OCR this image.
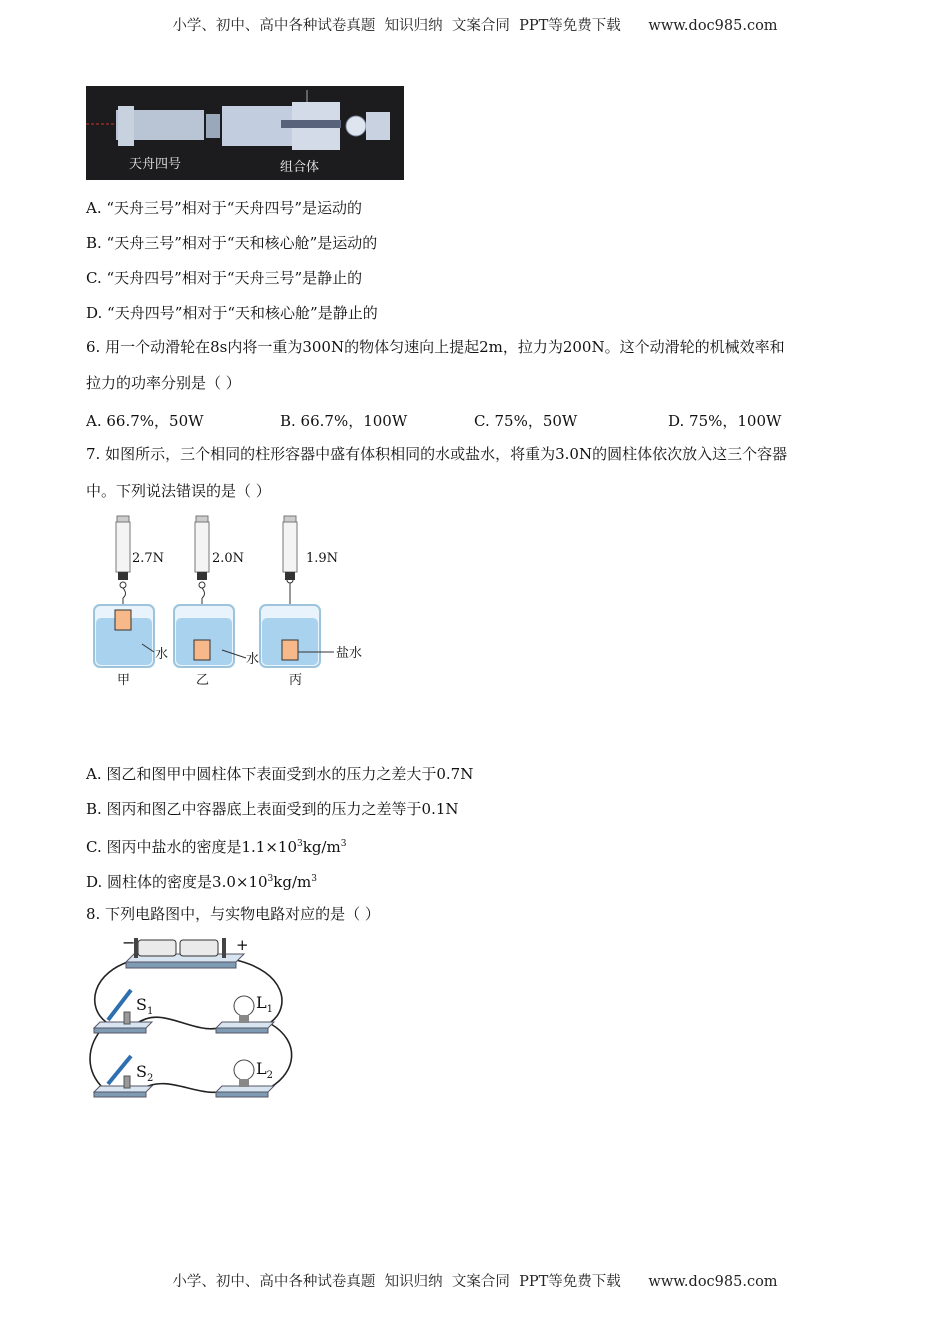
小学、初中、高中各种试卷真题  知识归纳  文案合同  PPT等免费下载      www.doc985.com
天舟四号	组合体
A. “天舟三号”相对于“天舟四号”是运动的
B. “天舟三号”相对于“天和核心舱”是运动的
C. “天舟四号”相对于“天舟三号”是静止的
D. “天舟四号”相对于“天和核心舱”是静止的
6. 用一个动滑轮在8s内将一重为300N的物体匀速向上提起2m，拉力为200N。这个动滑轮的机械效率和
拉力的功率分别是（ ）
A. 66.7%，50W	B. 66.7%，100W	C. 75%，50W	D. 75%，100W
7. 如图所示，三个相同的柱形容器中盛有体积相同的水或盐水，将重为3.0N的圆柱体依次放入这三个容器
中。下列说法错误的是（ ）
2.7N	2.0N	1.9N
水	水	盐水
甲	乙	丙
A. 图乙和图甲中圆柱体下表面受到水的压力之差大于0.7N
B. 图丙和图乙中容器底上表面受到的压力之差等于0.1N
C. 图丙中盐水的密度是$1.1\times 10^3kg/m^3$
D. 圆柱体的密度是$3.0\times 10^3kg/m^3$
8. 下列电路图中，与实物电路对应的是（ ）
−	+
$S_1$	$L_1$
$S_2$
$L_2$
小学、初中、高中各种试卷真题  知识归纳  文案合同  PPT等免费下载      www.doc985.com
